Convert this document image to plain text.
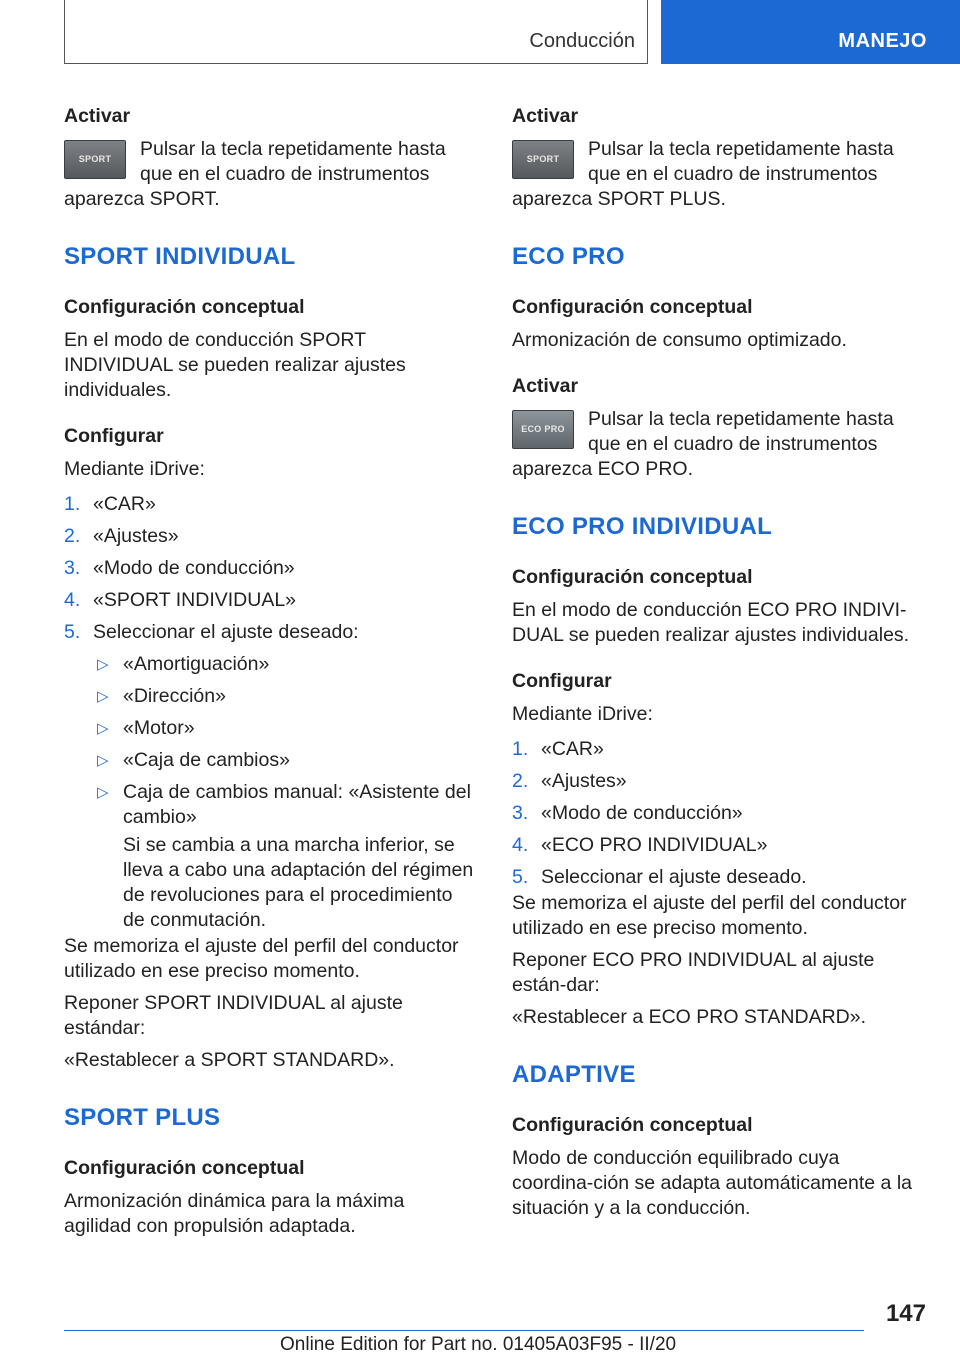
Conducción	MANEJO
Activar
SPORT	Pulsar la tecla repetidamente hasta que en el cuadro de instrumentos aparezca SPORT.
SPORT INDIVIDUAL
Configuración conceptual
En el modo de conducción SPORT INDIVIDUAL se pueden realizar ajustes individuales.
Configurar
Mediante iDrive:
1. «CAR»
2. «Ajustes»
3. «Modo de conducción»
4. «SPORT INDIVIDUAL»
5. Seleccionar el ajuste deseado:
▷ «Amortiguación»
▷ «Dirección»
▷ «Motor»
▷ «Caja de cambios»
▷ Caja de cambios manual: «Asistente del cambio»
Si se cambia a una marcha inferior, se lleva a cabo una adaptación del régimen de revoluciones para el procedimiento de conmutación.
Se memoriza el ajuste del perfil del conductor utilizado en ese preciso momento.
Reponer SPORT INDIVIDUAL al ajuste estándar:
«Restablecer a SPORT STANDARD».
SPORT PLUS
Configuración conceptual
Armonización dinámica para la máxima agilidad con propulsión adaptada.
Activar
SPORT	Pulsar la tecla repetidamente hasta que en el cuadro de instrumentos aparezca SPORT PLUS.
ECO PRO
Configuración conceptual
Armonización de consumo optimizado.
Activar
ECO PRO	Pulsar la tecla repetidamente hasta que en el cuadro de instrumentos aparezca ECO PRO.
ECO PRO INDIVIDUAL
Configuración conceptual
En el modo de conducción ECO PRO INDIVI‐DUAL se pueden realizar ajustes individuales.
Configurar
Mediante iDrive:
1. «CAR»
2. «Ajustes»
3. «Modo de conducción»
4. «ECO PRO INDIVIDUAL»
5. Seleccionar el ajuste deseado.
Se memoriza el ajuste del perfil del conductor utilizado en ese preciso momento.
Reponer ECO PRO INDIVIDUAL al ajuste están‐dar:
«Restablecer a ECO PRO STANDARD».
ADAPTIVE
Configuración conceptual
Modo de conducción equilibrado cuya coordina‐ción se adapta automáticamente a la situación y a la conducción.
147
Online Edition for Part no. 01405A03F95 - II/20
